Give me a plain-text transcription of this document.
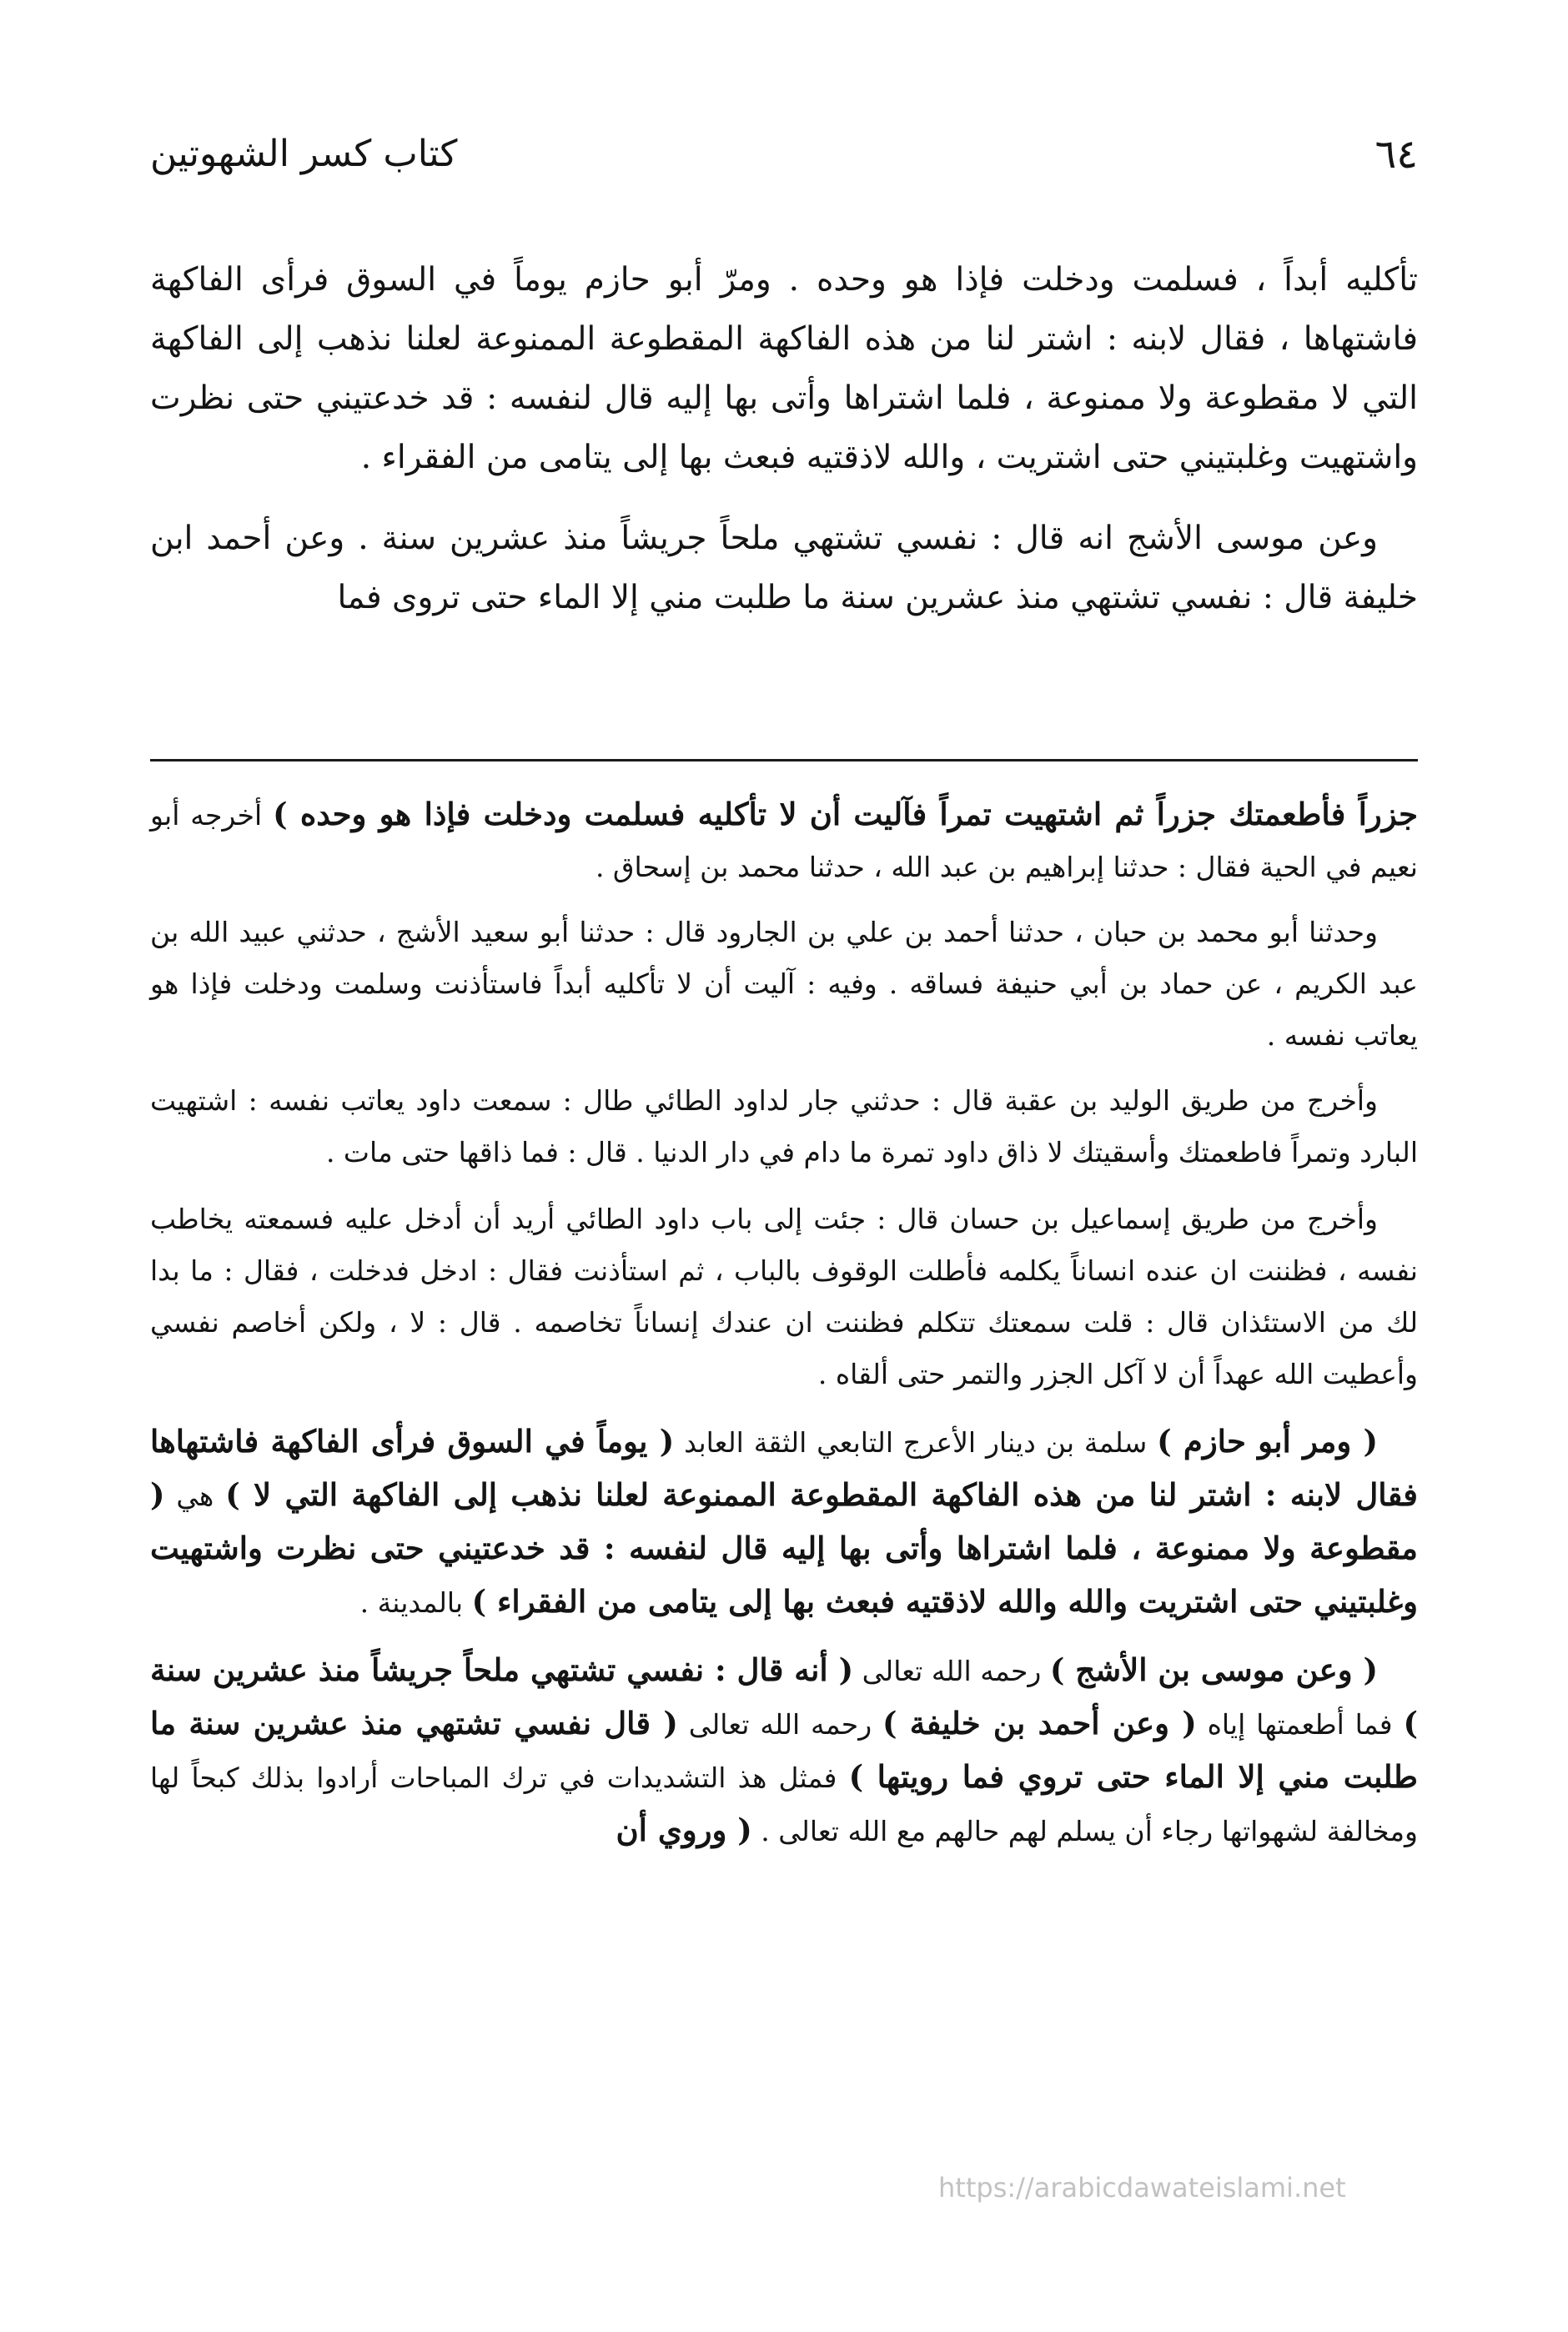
٦٤
كتاب كسر الشهوتين

تأكليه أبداً ، فسلمت ودخلت فإذا هو وحده . ومرّ أبو حازم يوماً في السوق فرأى الفاكهة فاشتهاها ، فقال لابنه : اشتر لنا من هذه الفاكهة المقطوعة الممنوعة لعلنا نذهب إلى الفاكهة التي لا مقطوعة ولا ممنوعة ، فلما اشتراها وأتى بها إليه قال لنفسه : قد خدعتيني حتى نظرت واشتهيت وغلبتيني حتى اشتريت ، والله لاذقتيه فبعث بها إلى يتامى من الفقراء .

وعن موسى الأشج انه قال : نفسي تشتهي ملحاً جريشاً منذ عشرين سنة . وعن أحمد ابن خليفة قال : نفسي تشتهي منذ عشرين سنة ما طلبت مني إلا الماء حتى تروى فما

جزراً فأطعمتك جزراً ثم اشتهيت تمراً فآليت أن لا تأكليه فسلمت ودخلت فإذا هو وحده ) أخرجه أبو نعيم في الحية فقال : حدثنا إبراهيم بن عبد الله ، حدثنا محمد بن إسحاق .

وحدثنا أبو محمد بن حبان ، حدثنا أحمد بن علي بن الجارود قال : حدثنا أبو سعيد الأشج ، حدثني عبيد الله بن عبد الكريم ، عن حماد بن أبي حنيفة فساقه . وفيه : آليت أن لا تأكليه أبداً فاستأذنت وسلمت ودخلت فإذا هو يعاتب نفسه .

وأخرج من طريق الوليد بن عقبة قال : حدثني جار لداود الطائي طال : سمعت داود يعاتب نفسه : اشتهيت البارد وتمراً فاطعمتك وأسقيتك لا ذاق داود تمرة ما دام في دار الدنيا . قال : فما ذاقها حتى مات .

وأخرج من طريق إسماعيل بن حسان قال : جئت إلى باب داود الطائي أريد أن أدخل عليه فسمعته يخاطب نفسه ، فظننت ان عنده انساناً يكلمه فأطلت الوقوف بالباب ، ثم استأذنت فقال : ادخل فدخلت ، فقال : ما بدا لك من الاستئذان قال : قلت سمعتك تتكلم فظننت ان عندك إنساناً تخاصمه . قال : لا ، ولكن أخاصم نفسي وأعطيت الله عهداً أن لا آكل الجزر والتمر حتى ألقاه .

( ومر أبو حازم ) سلمة بن دينار الأعرج التابعي الثقة العابد ( يوماً في السوق فرأى الفاكهة فاشتهاها فقال لابنه : اشتر لنا من هذه الفاكهة المقطوعة الممنوعة لعلنا نذهب إلى الفاكهة التي لا ) هي ( مقطوعة ولا ممنوعة ، فلما اشتراها وأتى بها إليه قال لنفسه : قد خدعتيني حتى نظرت واشتهيت وغلبتيني حتى اشتريت والله والله لاذقتيه فبعث بها إلى يتامى من الفقراء ) بالمدينة .

( وعن موسى بن الأشج ) رحمه الله تعالى ( أنه قال : نفسي تشتهي ملحاً جريشاً منذ عشرين سنة ) فما أطعمتها إياه ( وعن أحمد بن خليفة ) رحمه الله تعالى ( قال نفسي تشتهي منذ عشرين سنة ما طلبت مني إلا الماء حتى تروي فما رويتها ) فمثل هذ التشديدات في ترك المباحات أرادوا بذلك كبحاً لها ومخالفة لشهواتها رجاء أن يسلم لهم حالهم مع الله تعالى . ( وروي أن

https://arabicdawateislami.net
